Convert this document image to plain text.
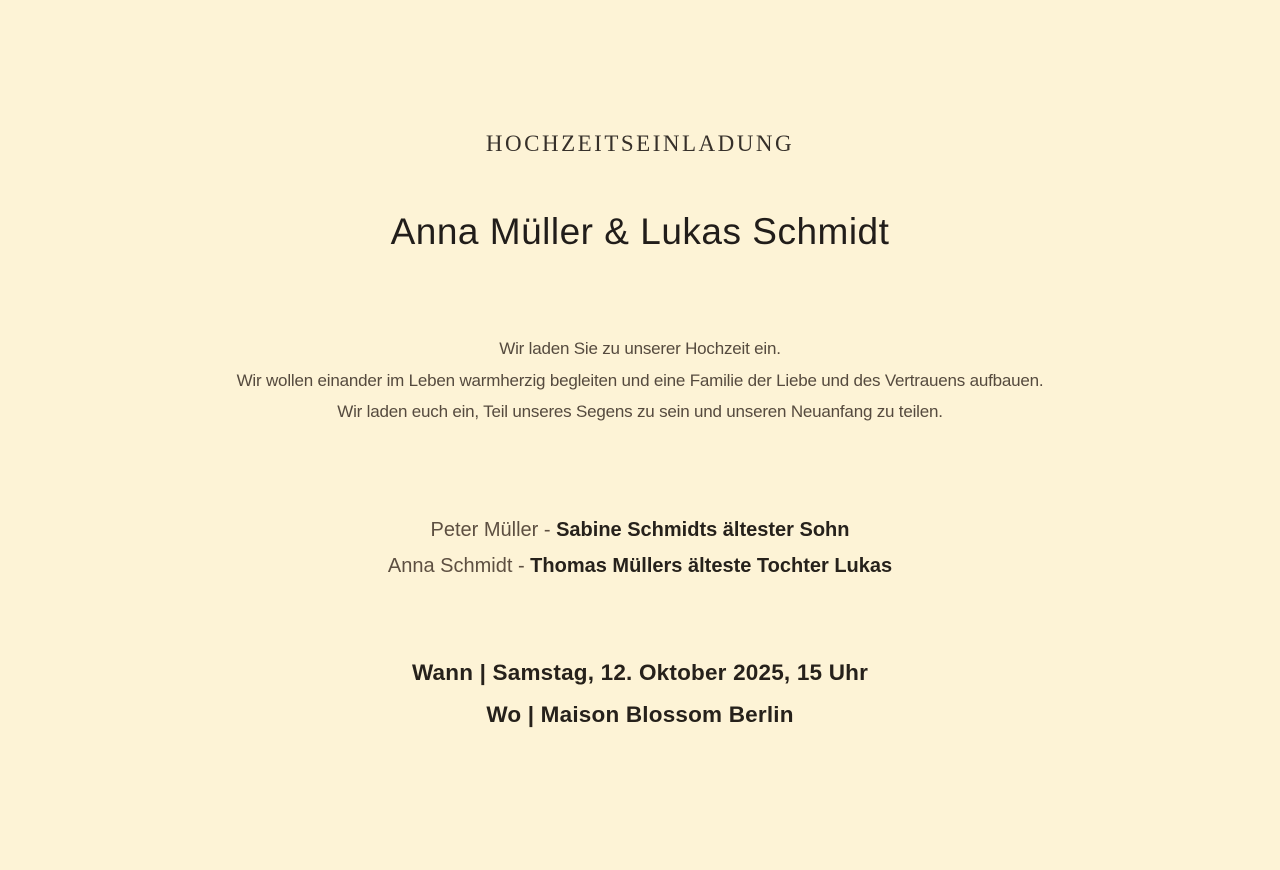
HOCHZEITSEINLADUNG
Anna Müller & Lukas Schmidt
Wir laden Sie zu unserer Hochzeit ein.
Wir wollen einander im Leben warmherzig begleiten und eine Familie der Liebe und des Vertrauens aufbauen.
Wir laden euch ein, Teil unseres Segens zu sein und unseren Neuanfang zu teilen.
Peter Müller - Sabine Schmidts ältester Sohn
Anna Schmidt - Thomas Müllers älteste Tochter Lukas
Wann | Samstag, 12. Oktober 2025, 15 Uhr
Wo | Maison Blossom Berlin
